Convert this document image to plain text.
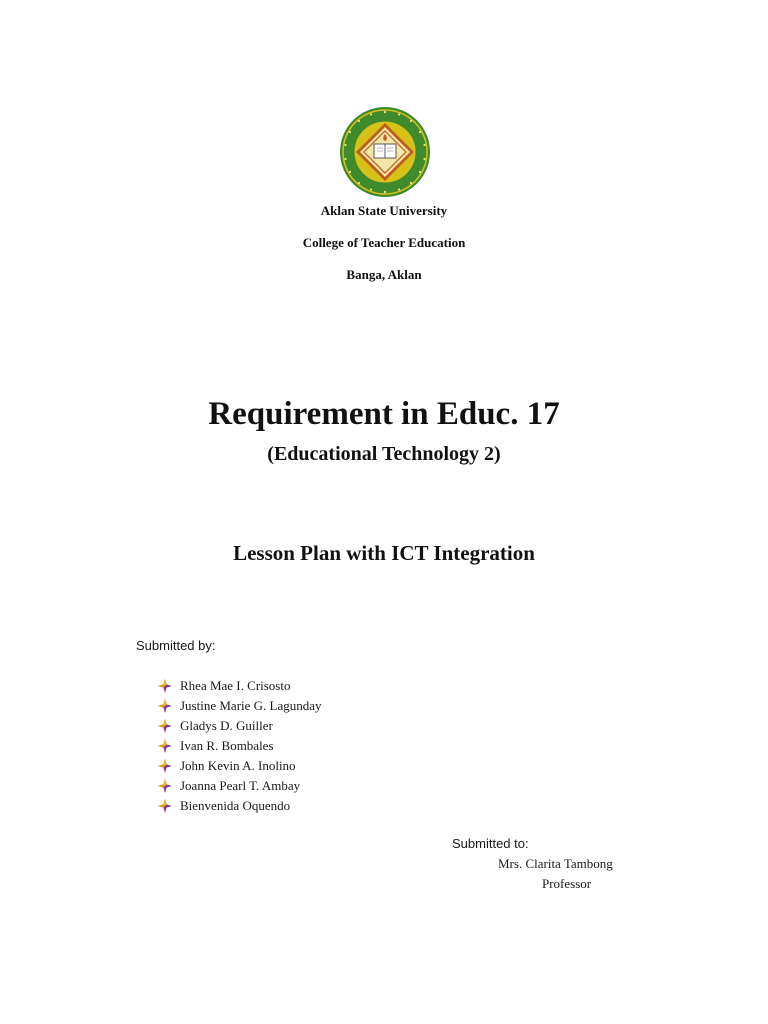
Aklan State University
College of Teacher Education
Banga, Aklan
Requirement in Educ. 17
(Educational Technology 2)
Lesson Plan with ICT Integration
Submitted by:
Rhea Mae I. Crisosto
Justine Marie G. Lagunday
Gladys D. Guiller
Ivan R. Bombales
John Kevin A. Inolino
Joanna Pearl T. Ambay
Bienvenida Oquendo
Submitted to:
Mrs. Clarita Tambong
Professor
